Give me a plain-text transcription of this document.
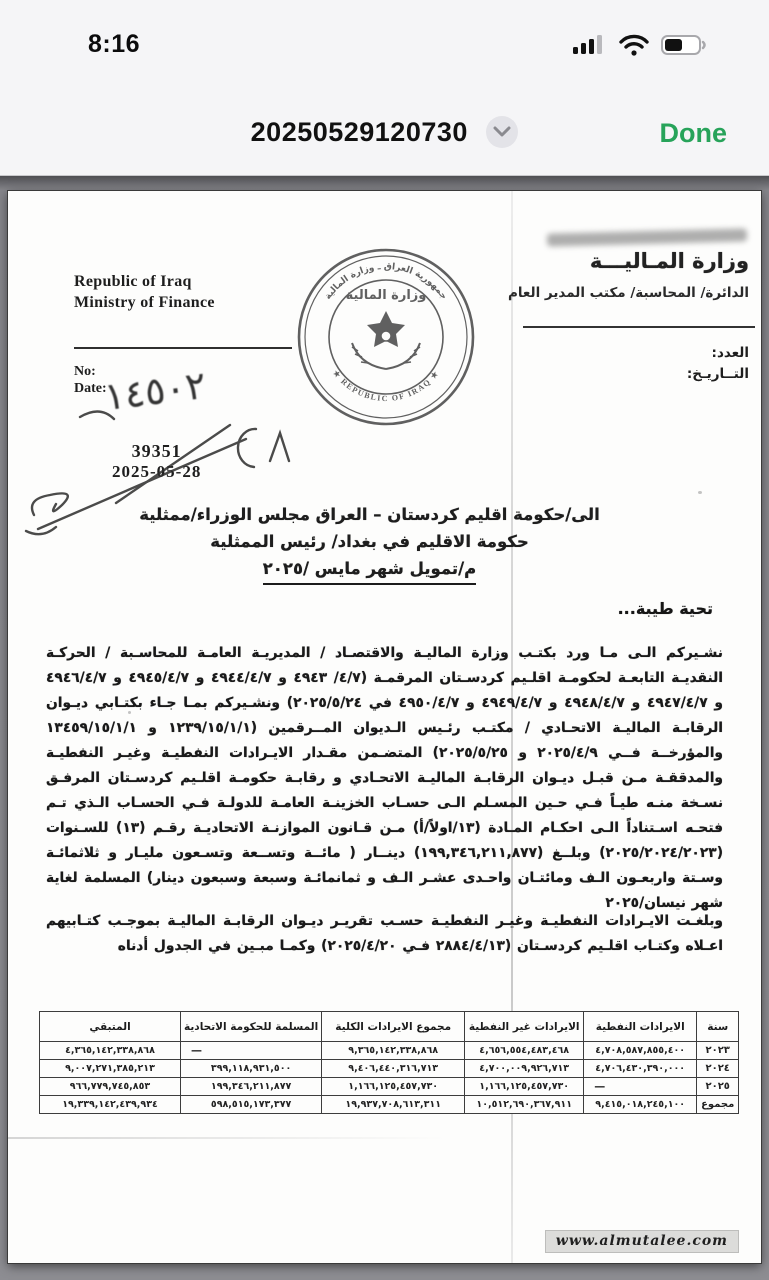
8:16
20250529120730	Done
Republic of Iraq
Ministry of Finance
No:
Date:
وزارة المـاليـــة
الدائرة/ المحاسبة/ مكتب المدير العام
العدد:
التــاريـخ:
جمهورية العراق ـ وزارة المالية
★ REPUBLIC OF IRAQ ★
وزارة المالية
١٤٥٠٢
39351
2025-05-28
الى/حكومة اقليم كردستان – العراق مجلس الوزراء/ممثلية
حكومة الاقليم في بغداد/ رئيس الممثلية
م/تمويل شهر مايس /٢٠٢٥
تحية طيبة...
نشـيركم الـى مـا ورد بكتـب وزارة الماليـة والاقتصـاد / المديريـة العامـة للمحاسـبة / الحركـة النقديـة التابعـة لحكومـة اقلـيم كردسـتان المرقمـة (٤/٧/ ٤٩٤٣ و ٤٩٤٤/٤/٧ و ٤٩٤٥/٤/٧ و ٤٩٤٦/٤/٧ و ٤٩٤٧/٤/٧ و ٤٩٤٨/٤/٧ و ٤٩٤٩/٤/٧ و ٤٩٥٠/٤/٧ في ٢٠٢٥/٥/٢٤) ونشـيركم بمـا جـاء بكتـابي ديـوان الرقابـة الماليـة الاتحـادي / مكتـب رئـيس الـديوان المــرقمين (١٢٣٩/١٥/١/١ و ١٣٤٥٩/١٥/١/١ والمؤرخــة فــي ٢٠٢٥/٤/٩ و ٢٠٢٥/٥/٢٥) المتضـمن مقـدار الايـرادات النفطيـة وغيـر النفطيـة والمدققـة مـن قبـل ديـوان الرقابـة الماليـة الاتحـادي و رقابـة حكومـة اقلـيم كردسـتان المرفـق نسـخة منـه طيـاً فـي حـين المسـلم الـى حسـاب الخزينـة العامـة للدولـة فـي الحسـاب الـذي تـم فتحـه اسـتناداً الـى احكـام المـادة (١٣/اولاً/أ) مـن قـانون الموازنـة الاتحاديـة رقـم (١٣) للسـنوات (٢٠٢٥/٢٠٢٤/٢٠٢٣) وبلــغ (١٩٩,٣٤٦,٢١١,٨٧٧) دينــار ( مائــة وتســعة وتسـعون مليـار و ثلاثمائـة وسـتة واربعـون الـف ومائتـان واحـدى عشـر الـف و ثمانمائـة وسبعة وسبعون دينار) المسلمة لغاية شهر نيسان/٢٠٢٥
وبلغـت الايـرادات النفطيـة وغيـر النفطيـة حسـب تقريـر ديـوان الرقابـة الماليـة بموجـب كتـابيهم اعـلاه وكتـاب اقلـيم كردسـتان (٢٨٨٤/٤/١٣ فـي ٢٠٢٥/٤/٢٠) وكمـا مبـين في الجدول أدناه
سنة	الايرادات النفطية	الايرادات غير النفطية	مجموع الايرادات الكلية	المسلمة للحكومة الاتحادية	المتبقي
٢٠٢٣	٤,٧٠٨,٥٨٧,٨٥٥,٤٠٠	٤,٦٥٦,٥٥٤,٤٨٣,٤٦٨	٩,٣٦٥,١٤٢,٣٣٨,٨٦٨	—	٤,٣٦٥,١٤٢,٣٣٨,٨٦٨
٢٠٢٤	٤,٧٠٦,٤٣٠,٣٩٠,٠٠٠	٤,٧٠٠,٠٠٩,٩٢٦,٧١٣	٩,٤٠٦,٤٤٠,٣١٦,٧١٣	٣٩٩,١١٨,٩٣١,٥٠٠	٩,٠٠٧,٢٧١,٣٨٥,٢١٣
٢٠٢٥	—	١,١٦٦,١٢٥,٤٥٧,٧٣٠	١,١٦٦,١٢٥,٤٥٧,٧٣٠	١٩٩,٣٤٦,٢١١,٨٧٧	٩٦٦,٧٧٩,٧٤٥,٨٥٣
مجموع	٩,٤١٥,٠١٨,٢٤٥,١٠٠	١٠,٥١٢,٦٩٠,٣٦٧,٩١١	١٩,٩٣٧,٧٠٨,٦١٣,٣١١	٥٩٨,٥١٥,١٧٣,٣٧٧	١٩,٣٣٩,١٤٢,٤٣٩,٩٣٤
www.almutalee.com
